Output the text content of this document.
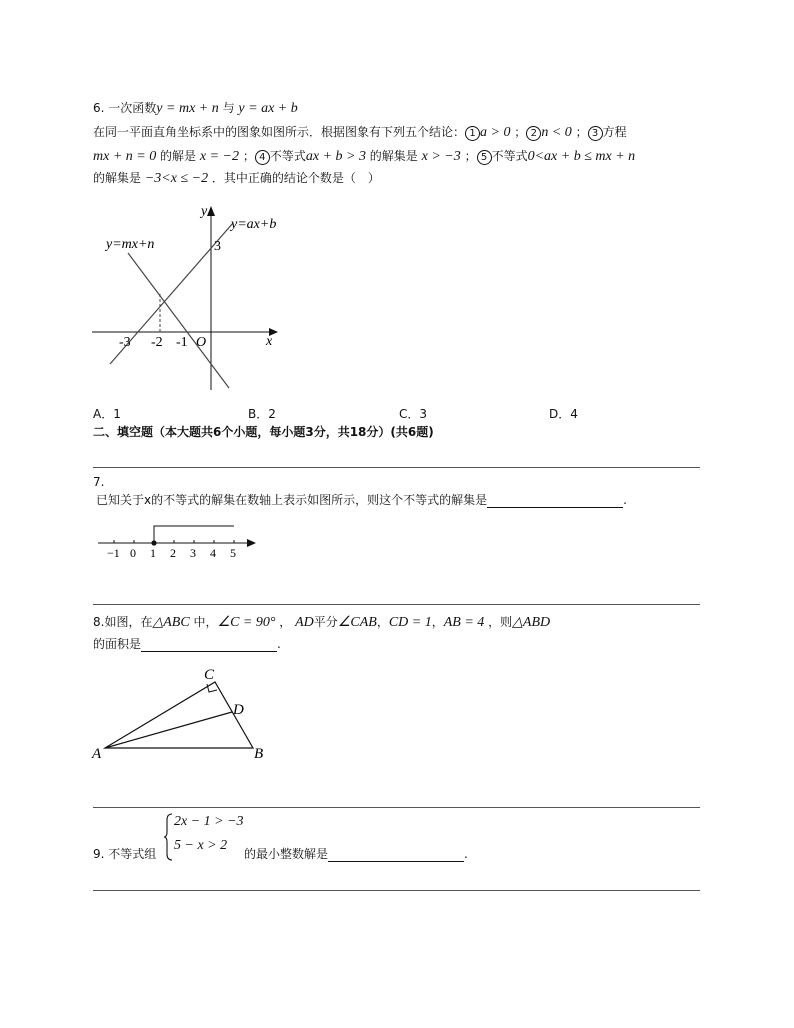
6. 一次函数y = mx + n 与 y = ax + b
在同一平面直角坐标系中的图象如图所示．根据图象有下列五个结论： 1 a > 0 ； 2 n < 0 ； 3 方程
mx + n = 0 的解是 x = −2 ； 4 不等式ax + b > 3 的解集是 x > −3 ； 5 不等式0<ax + b ≤ mx + n
的解集是 −3<x ≤ −2 ．其中正确的结论个数是（　）
y
x
y=ax+b
y=mx+n	3
-3 -2 -1 O
A．1	B．2	C．3	D．4
二、填空题（本大题共6个小题，每小题3分，共18分）(共6题)
7.
已知关于x的不等式的解集在数轴上表示如图所示，则这个不等式的解集是	.
−1 0 1 2 3 4 5
8.如图，在△ABC 中，∠C = 90° ， AD平分∠CAB，CD = 1，AB = 4 ，则△ABD
的面积是	.
C
D
A	B
9. 不等式组
2x − 1 > −3
5 − x > 2
的最小整数解是	.
